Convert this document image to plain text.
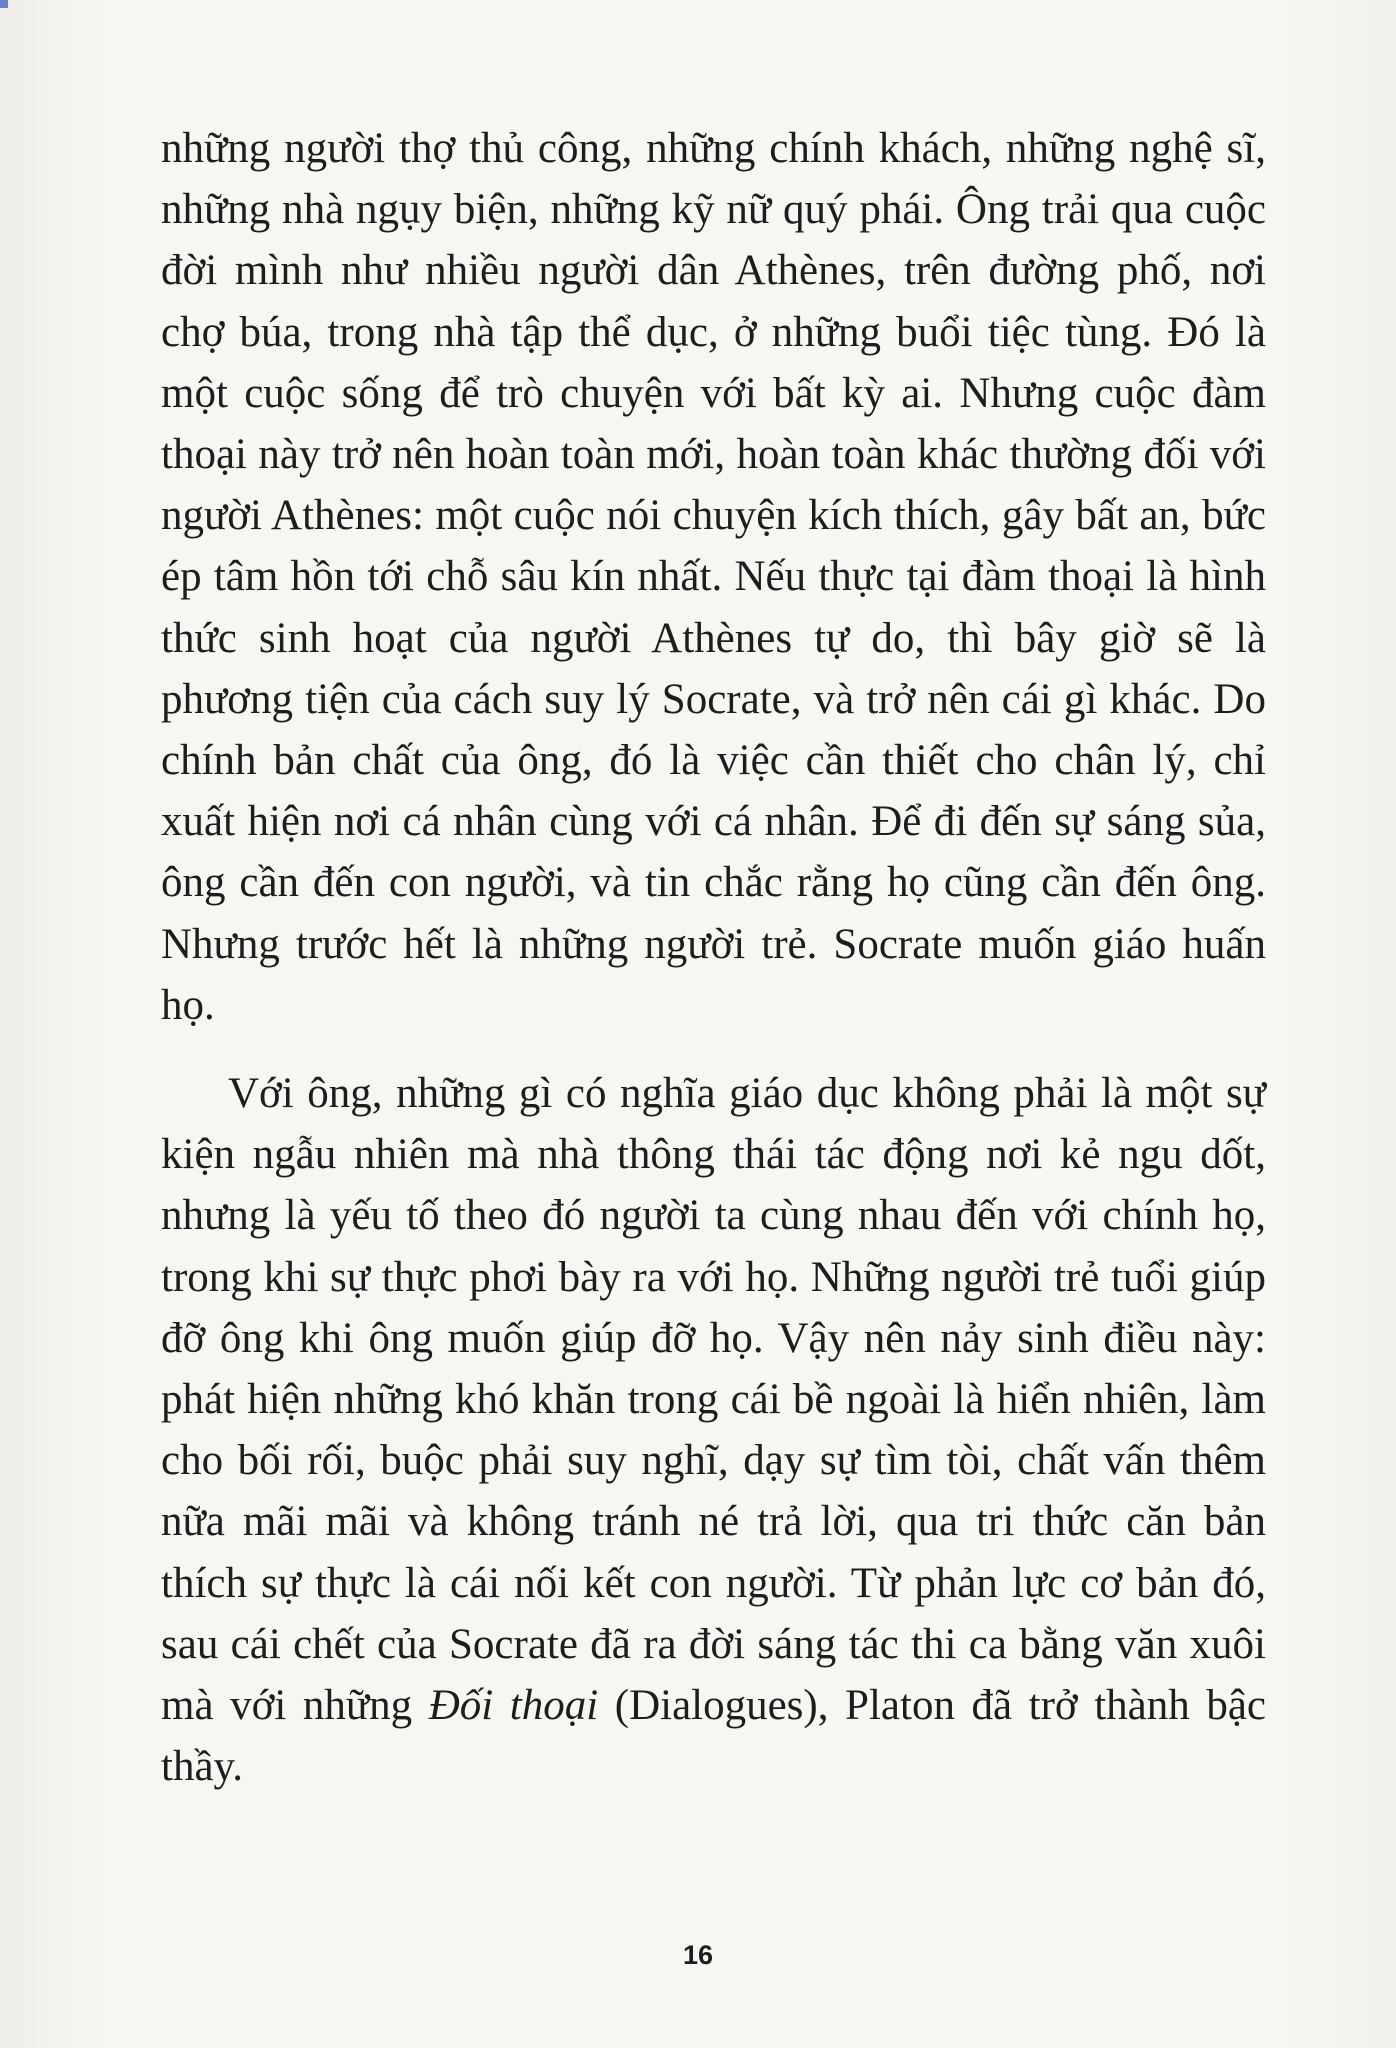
những người thợ thủ công, những chính khách, những nghệ sĩ, những nhà ngụy biện, những kỹ nữ quý phái. Ông trải qua cuộc đời mình như nhiều người dân Athènes, trên đường phố, nơi chợ búa, trong nhà tập thể dục, ở những buổi tiệc tùng. Đó là một cuộc sống để trò chuyện với bất kỳ ai. Nhưng cuộc đàm thoại này trở nên hoàn toàn mới, hoàn toàn khác thường đối với người Athènes: một cuộc nói chuyện kích thích, gây bất an, bức ép tâm hồn tới chỗ sâu kín nhất. Nếu thực tại đàm thoại là hình thức sinh hoạt của người Athènes tự do, thì bây giờ sẽ là phương tiện của cách suy lý Socrate, và trở nên cái gì khác. Do chính bản chất của ông, đó là việc cần thiết cho chân lý, chỉ xuất hiện nơi cá nhân cùng với cá nhân. Để đi đến sự sáng sủa, ông cần đến con người, và tin chắc rằng họ cũng cần đến ông. Nhưng trước hết là những người trẻ. Socrate muốn giáo huấn họ.

Với ông, những gì có nghĩa giáo dục không phải là một sự kiện ngẫu nhiên mà nhà thông thái tác động nơi kẻ ngu dốt, nhưng là yếu tố theo đó người ta cùng nhau đến với chính họ, trong khi sự thực phơi bày ra với họ. Những người trẻ tuổi giúp đỡ ông khi ông muốn giúp đỡ họ. Vậy nên nảy sinh điều này: phát hiện những khó khăn trong cái bề ngoài là hiển nhiên, làm cho bối rối, buộc phải suy nghĩ, dạy sự tìm tòi, chất vấn thêm nữa mãi mãi và không tránh né trả lời, qua tri thức căn bản thích sự thực là cái nối kết con người. Từ phản lực cơ bản đó, sau cái chết của Socrate đã ra đời sáng tác thi ca bằng văn xuôi mà với những Đối thoại (Dialogues), Platon đã trở thành bậc thầy.

16
